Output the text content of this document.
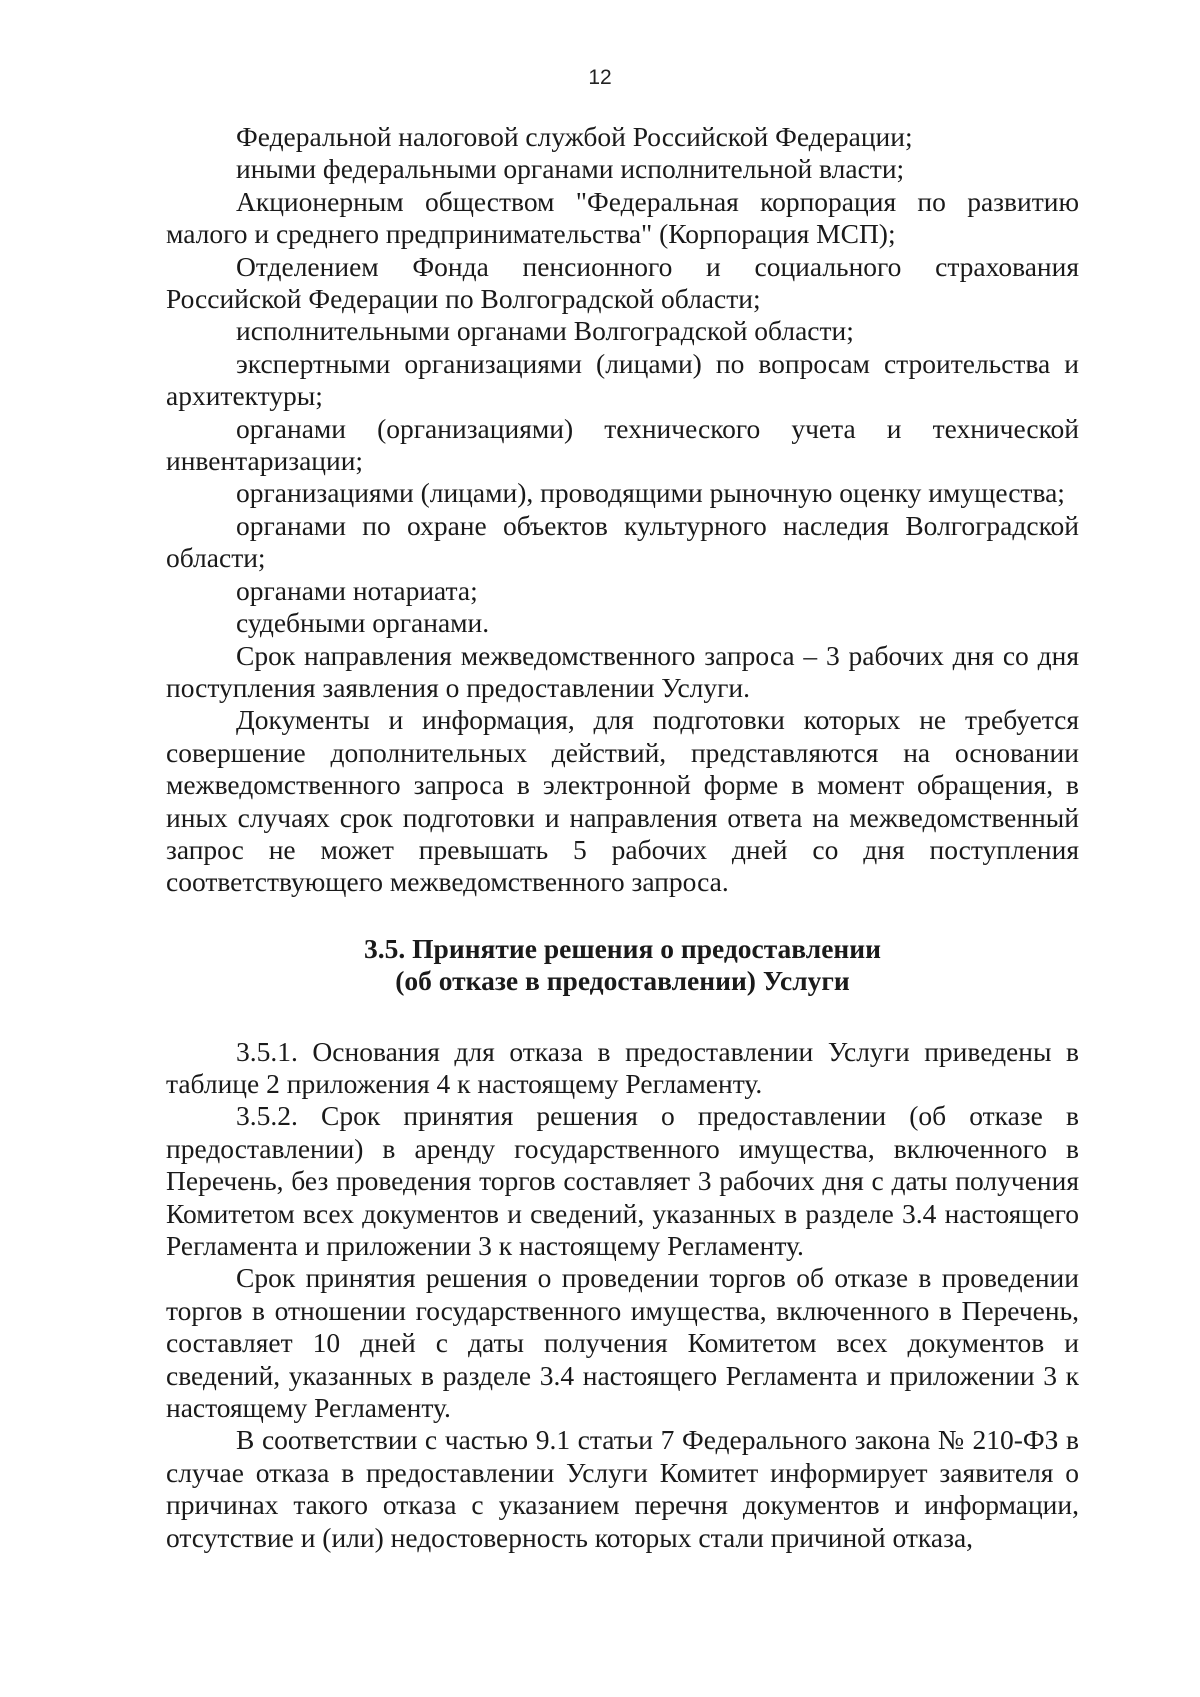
12

Федеральной налоговой службой Российской Федерации;

иными федеральными органами исполнительной власти;

Акционерным обществом "Федеральная корпорация по развитию малого и среднего предпринимательства" (Корпорация МСП);

Отделением Фонда пенсионного и социального страхования Российской Федерации по Волгоградской области;

исполнительными органами Волгоградской области;

экспертными организациями (лицами) по вопросам строительства и архитектуры;

органами (организациями) технического учета и технической инвентаризации;

организациями (лицами), проводящими рыночную оценку имущества;

органами по охране объектов культурного наследия Волгоградской области;

органами нотариата;

судебными органами.

Срок направления межведомственного запроса – 3 рабочих дня со дня поступления заявления о предоставлении Услуги.

Документы и информация, для подготовки которых не требуется совершение дополнительных действий, представляются на основании межведомственного запроса в электронной форме в момент обращения, в иных случаях срок подготовки и направления ответа на межведомственный запрос не может превышать 5 рабочих дней со дня поступления соответствующего межведомственного запроса.

3.5. Принятие решения о предоставлении
(об отказе в предоставлении) Услуги

3.5.1. Основания для отказа в предоставлении Услуги приведены в таблице 2 приложения 4 к настоящему Регламенту.

3.5.2. Срок принятия решения о предоставлении (об отказе в предоставлении) в аренду государственного имущества, включенного в Перечень, без проведения торгов составляет 3 рабочих дня с даты получения Комитетом всех документов и сведений, указанных в разделе 3.4 настоящего Регламента и приложении 3 к настоящему Регламенту.

Срок принятия решения о проведении торгов об отказе в проведении торгов в отношении государственного имущества, включенного в Перечень, составляет 10 дней с даты получения Комитетом всех документов и сведений, указанных в разделе 3.4 настоящего Регламента и приложении 3 к настоящему Регламенту.

В соответствии с частью 9.1 статьи 7 Федерального закона № 210-ФЗ в случае отказа в предоставлении Услуги Комитет информирует заявителя о причинах такого отказа с указанием перечня документов и информации, отсутствие и (или) недостоверность которых стали причиной отказа,
